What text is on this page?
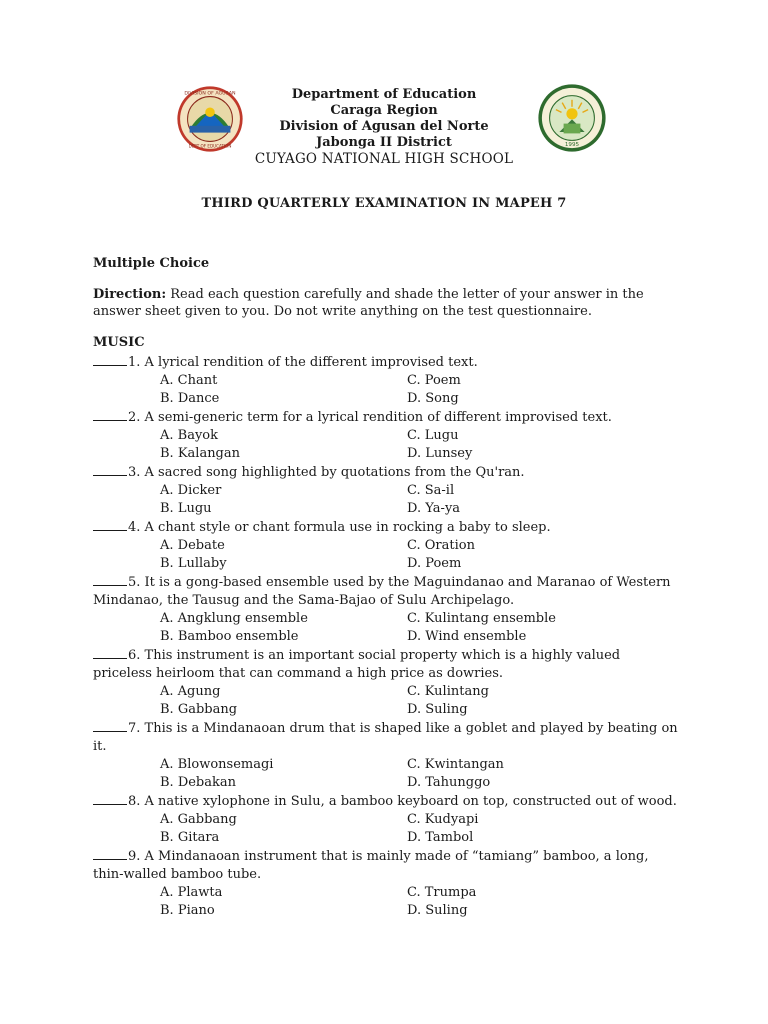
DIVISION OF AGUSAN
DEPT OF EDUCATION	1995
Department of Education
Caraga Region
Division of Agusan del Norte
Jabonga II District
CUYAGO NATIONAL HIGH SCHOOL
THIRD QUARTERLY EXAMINATION IN MAPEH 7
Multiple Choice
Direction: Read each question carefully and shade the letter of your answer in the answer sheet given to you. Do not write anything on the test questionnaire.
MUSIC
1. A lyrical rendition of the different improvised text.
A. Chant	C. Poem
B. Dance	D. Song
2. A semi-generic term for a lyrical rendition of different improvised text.
A. Bayok	C. Lugu
B. Kalangan	D. Lunsey
3. A sacred song highlighted by quotations from the Qu'ran.
A. Dicker	C. Sa-il
B. Lugu	D. Ya-ya
4. A chant style or chant formula use in rocking a baby to sleep.
A. Debate	C. Oration
B. Lullaby	D. Poem
5. It is a gong-based ensemble used by the Maguindanao and Maranao of Western Mindanao, the Tausug and the Sama-Bajao of Sulu Archipelago.
A. Angklung ensemble	C. Kulintang ensemble
B. Bamboo ensemble	D. Wind ensemble
6. This instrument is an important social property which is a highly valued priceless heirloom that can command a high price as dowries.
A. Agung	C. Kulintang
B. Gabbang	D. Suling
7. This is a Mindanaoan drum that is shaped like a goblet and played by beating on it.
A. Blowonsemagi	C. Kwintangan
B. Debakan	D. Tahunggo
8. A native xylophone in Sulu, a bamboo keyboard on top, constructed out of wood.
A. Gabbang	C. Kudyapi
B. Gitara	D. Tambol
9. A Mindanaoan instrument that is mainly made of “tamiang” bamboo, a long, thin-walled bamboo tube.
A. Plawta	C. Trumpa
B. Piano	D. Suling
